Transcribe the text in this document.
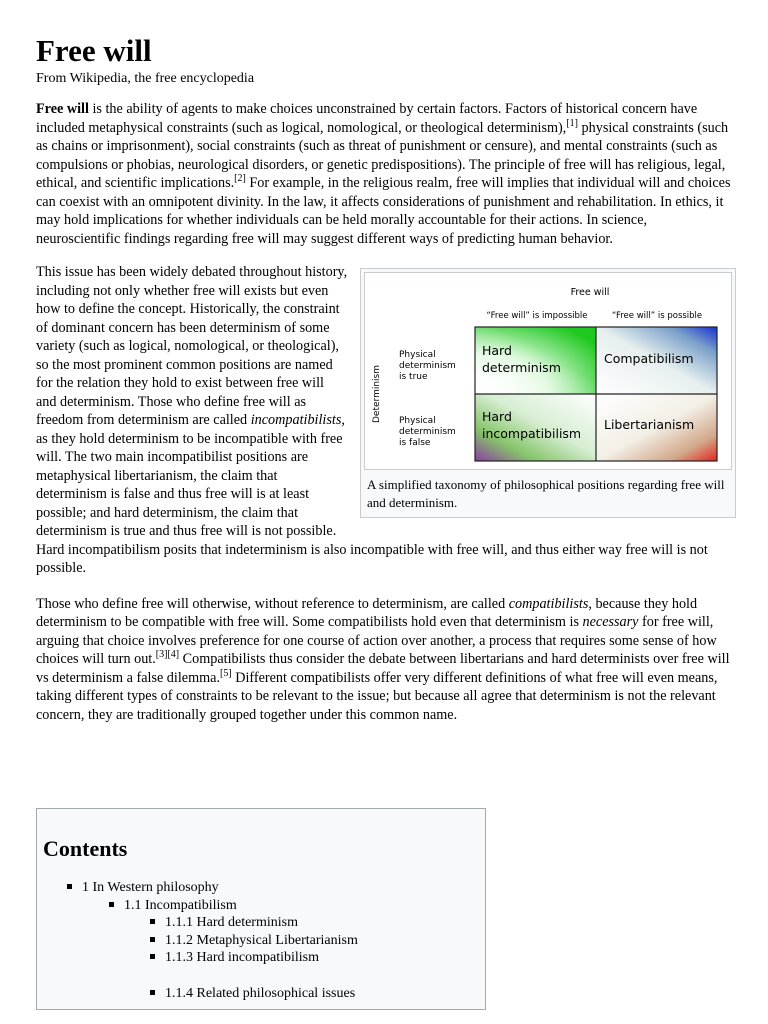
Free will
From Wikipedia, the free encyclopedia

Free will is the ability of agents to make choices unconstrained by certain factors. Factors of historical concern have included metaphysical constraints (such as logical, nomological, or theological determinism),[1] physical constraints (such as chains or imprisonment), social constraints (such as threat of punishment or censure), and mental constraints (such as compulsions or phobias, neurological disorders, or genetic predispositions). The principle of free will has religious, legal, ethical, and scientific implications.[2] For example, in the religious realm, free will implies that individual will and choices can coexist with an omnipotent divinity. In the law, it affects considerations of punishment and rehabilitation. In ethics, it may hold implications for whether individuals can be held morally accountable for their actions. In science, neuroscientific findings regarding free will may suggest different ways of predicting human behavior.

Free will
“Free will” is impossible	“Free will” is possible
Determinism
Physical determinism is true
Physical determinism is false
Hard determinism
Compatibilism
Hard incompatibilism
Libertarianism
A simplified taxonomy of philosophical positions regarding free will and determinism.

This issue has been widely debated throughout history, including not only whether free will exists but even how to define the concept. Historically, the constraint of dominant concern has been determinism of some variety (such as logical, nomological, or theological), so the most prominent common positions are named for the relation they hold to exist between free will and determinism. Those who define free will as freedom from determinism are called incompatibilists, as they hold determinism to be incompatible with free will. The two main incompatibilist positions are metaphysical libertarianism, the claim that determinism is false and thus free will is at least possible; and hard determinism, the claim that determinism is true and thus free will is not possible. Hard incompatibilism posits that indeterminism is also incompatible with free will, and thus either way free will is not possible.

Those who define free will otherwise, without reference to determinism, are called compatibilists, because they hold determinism to be compatible with free will. Some compatibilists hold even that determinism is necessary for free will, arguing that choice involves preference for one course of action over another, a process that requires some sense of how choices will turn out.[3][4] Compatibilists thus consider the debate between libertarians and hard determinists over free will vs determinism a false dilemma.[5] Different compatibilists offer very different definitions of what free will even means, taking different types of constraints to be relevant to the issue; but because all agree that determinism is not the relevant concern, they are traditionally grouped together under this common name.

Contents
1 In Western philosophy
1.1 Incompatibilism
1.1.1 Hard determinism
1.1.2 Metaphysical Libertarianism
1.1.3 Hard incompatibilism
1.1.4 Related philosophical issues
